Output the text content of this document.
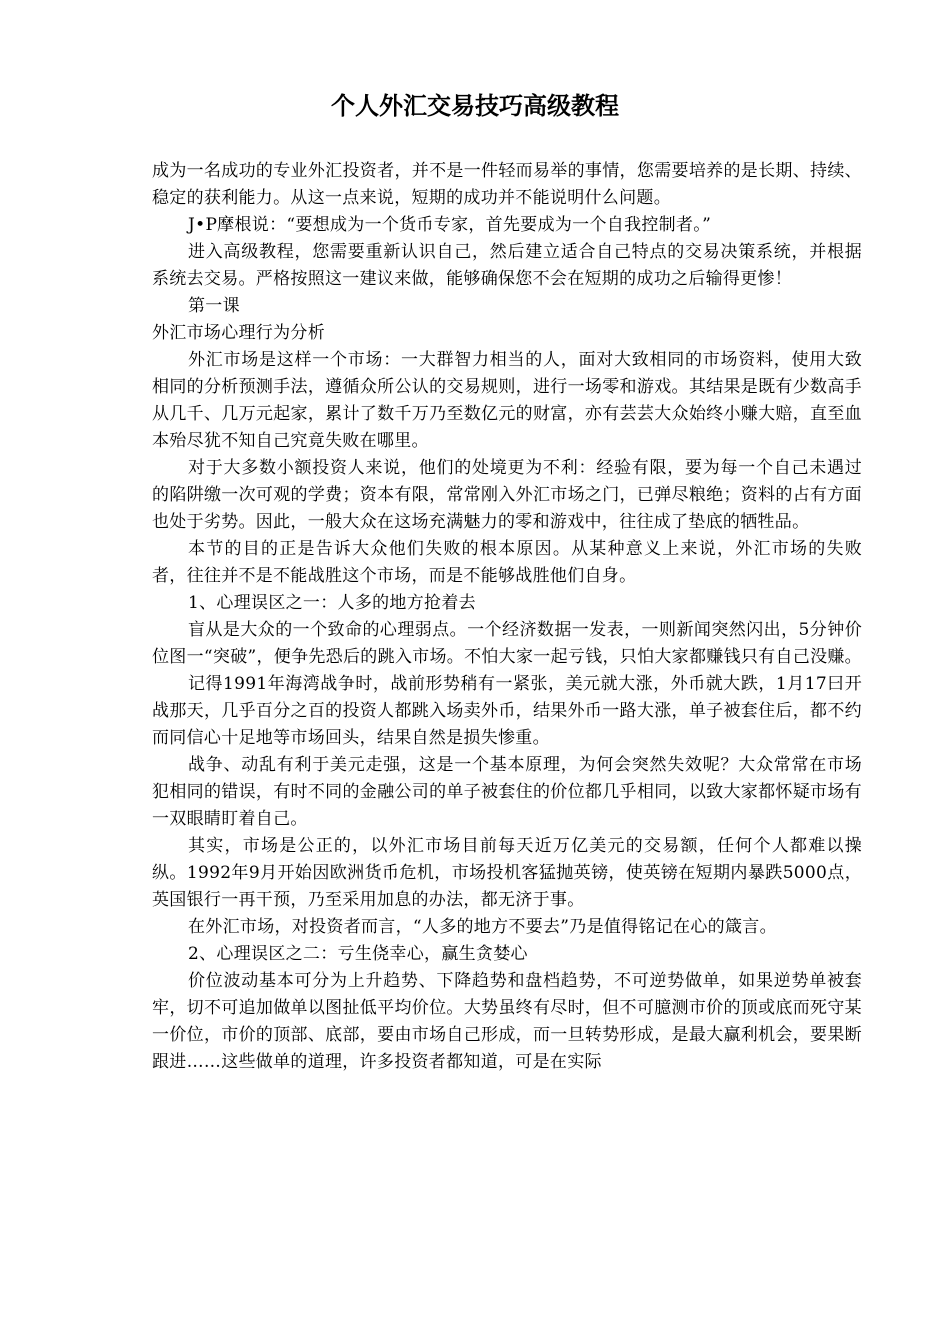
个人外汇交易技巧高级教程

成为一名成功的专业外汇投资者，并不是一件轻而易举的事情，您需要培养的是长期、持续、稳定的获利能力。从这一点来说，短期的成功并不能说明什么问题。

J•P摩根说：“要想成为一个货币专家，首先要成为一个自我控制者。”

进入高级教程，您需要重新认识自己，然后建立适合自己特点的交易决策系统，并根据系统去交易。严格按照这一建议来做，能够确保您不会在短期的成功之后输得更惨！

第一课

外汇市场心理行为分析

外汇市场是这样一个市场：一大群智力相当的人，面对大致相同的市场资料，使用大致相同的分析预测手法，遵循众所公认的交易规则，进行一场零和游戏。其结果是既有少数高手从几千、几万元起家，累计了数千万乃至数亿元的财富，亦有芸芸大众始终小赚大赔，直至血本殆尽犹不知自己究竟失败在哪里。

对于大多数小额投资人来说，他们的处境更为不利：经验有限，要为每一个自己未遇过的陷阱缴一次可观的学费；资本有限，常常刚入外汇市场之门，已弹尽粮绝；资料的占有方面也处于劣势。因此，一般大众在这场充满魅力的零和游戏中，往往成了垫底的牺牲品。

本节的目的正是告诉大众他们失败的根本原因。从某种意义上来说，外汇市场的失败者，往往并不是不能战胜这个市场，而是不能够战胜他们自身。

1、心理误区之一：人多的地方抢着去

盲从是大众的一个致命的心理弱点。一个经济数据一发表，一则新闻突然闪出，5分钟价位图一“突破”，便争先恐后的跳入市场。不怕大家一起亏钱，只怕大家都赚钱只有自己没赚。

记得1991年海湾战争时，战前形势稍有一紧张，美元就大涨，外币就大跌，1月17曰开战那天，几乎百分之百的投资人都跳入场卖外币，结果外币一路大涨，单子被套住后，都不约而同信心十足地等市场回头，结果自然是损失惨重。

战争、动乱有利于美元走强，这是一个基本原理，为何会突然失效呢？大众常常在市场犯相同的错误，有时不同的金融公司的单子被套住的价位都几乎相同，以致大家都怀疑市场有一双眼睛盯着自己。

其实，市场是公正的，以外汇市场目前每天近万亿美元的交易额，任何个人都难以操纵。1992年9月开始因欧洲货币危机，市场投机客猛抛英镑，使英镑在短期内暴跌5000点，英国银行一再干预，乃至采用加息的办法，都无济于事。

在外汇市场，对投资者而言，“人多的地方不要去”乃是值得铭记在心的箴言。

2、心理误区之二：亏生侥幸心，赢生贪婪心

价位波动基本可分为上升趋势、下降趋势和盘档趋势，不可逆势做单，如果逆势单被套牢，切不可追加做单以图扯低平均价位。大势虽终有尽时，但不可臆测市价的顶或底而死守某一价位，市价的顶部、底部，要由市场自己形成，而一旦转势形成，是最大赢利机会，要果断跟进……这些做单的道理，许多投资者都知道，可是在实际
